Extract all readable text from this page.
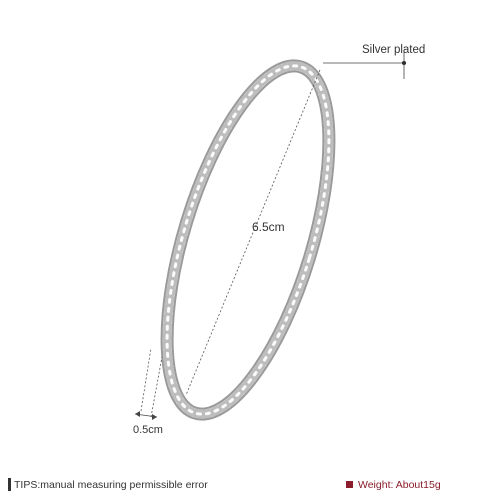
Silver plated
6.5cm
0.5cm
TIPS:manual measuring permissible error	Weight: About15g
